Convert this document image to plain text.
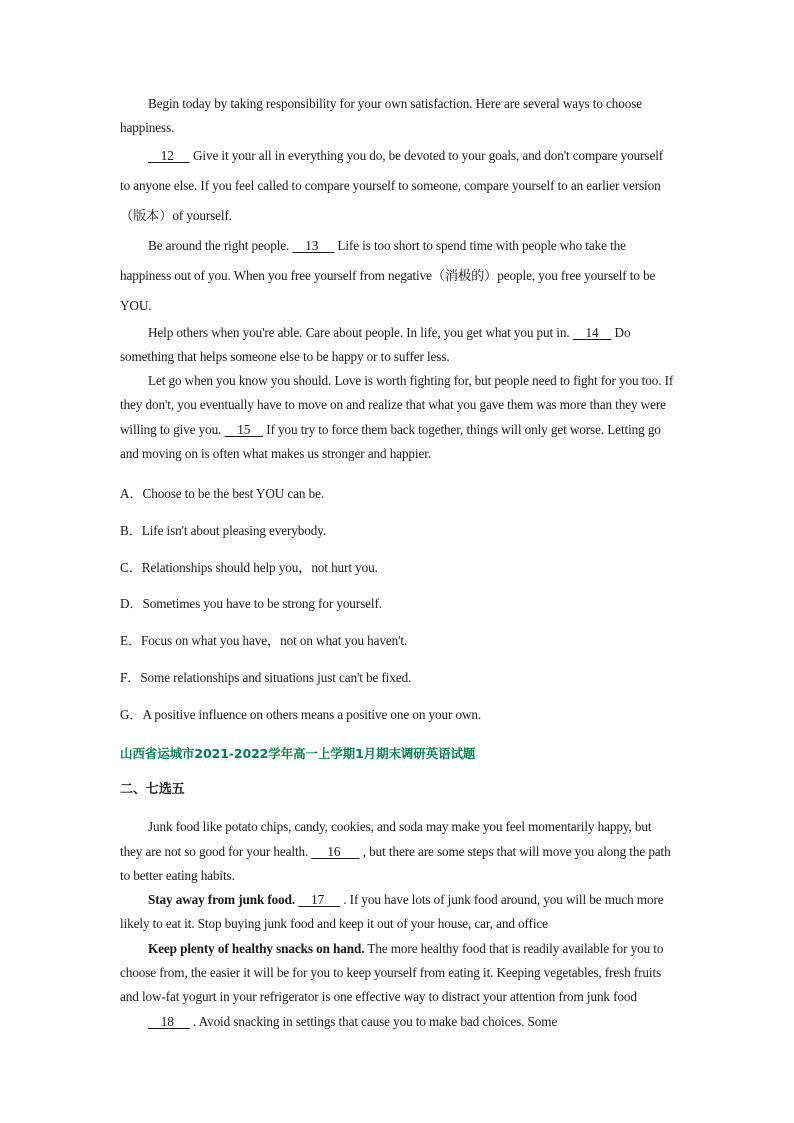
Begin today by taking responsibility for your own satisfaction. Here are several ways to choose happiness.

12      Give it your all in everything you do, be devoted to your goals, and don't compare yourself to anyone else. If you feel called to compare yourself to someone, compare yourself to an earlier version（版本）of yourself.

Be around the right people.     13      Life is too short to spend time with people who take the happiness out of you. When you free yourself from negative（消极的）people, you free yourself to be YOU.

Help others when you're able. Care about people. In life, you get what you put in.     14     Do something that helps someone else to be happy or to suffer less.

Let go when you know you should. Love is worth fighting for, but people need to fight for you too. If they don't, you eventually have to move on and realize that what you gave them was more than they were willing to give you.     15     If you try to force them back together, things will only get worse. Letting go and moving on is often what makes us stronger and happier.

A．Choose to be the best YOU can be.

B．Life isn't about pleasing everybody.

C．Relationships should help you，not hurt you.

D．Sometimes you have to be strong for yourself.

E．Focus on what you have，not on what you haven't.

F．Some relationships and situations just can't be fixed.

G．A positive influence on others means a positive one on your own.

山西省运城市2021-2022学年高一上学期1月期末调研英语试题

二、七选五

Junk food like potato chips, candy, cookies, and soda may make you feel momentarily happy, but they are not so good for your health.      16       , but there are some steps that will move you along the path to better eating habits.

Stay away from junk food.     17      . If you have lots of junk food around, you will be much more likely to eat it. Stop buying junk food and keep it out of your house, car, and office

Keep plenty of healthy snacks on hand. The more healthy food that is readily available for you to choose from, the easier it will be for you to keep yourself from eating it. Keeping vegetables, fresh fruits and low-fat yogurt in your refrigerator is one effective way to distract your attention from junk food

18      . Avoid snacking in settings that cause you to make bad choices. Some
